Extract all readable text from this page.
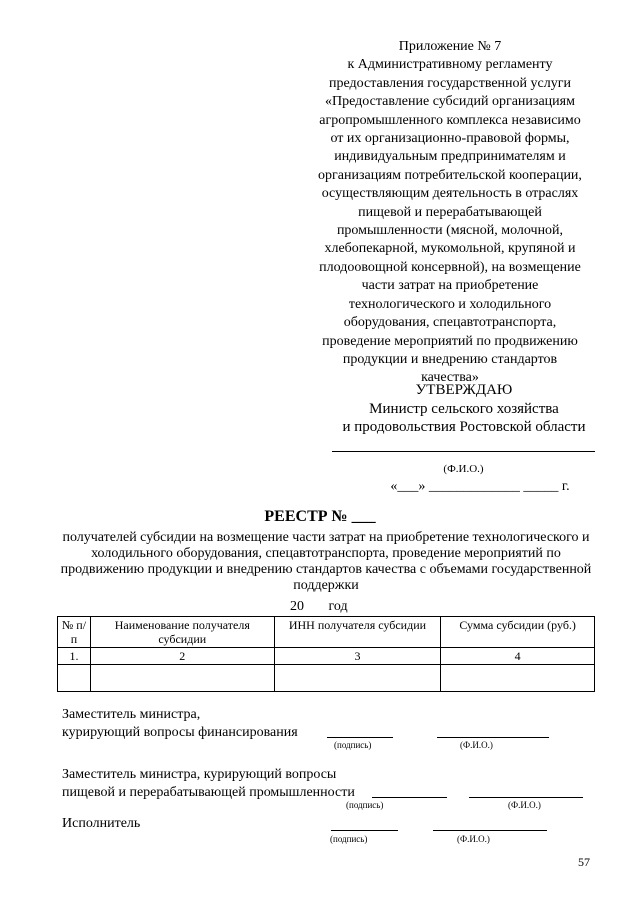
Приложение № 7
к Административному регламенту
предоставления государственной услуги
«Предоставление субсидий организациям
агропромышленного комплекса независимо
от их организационно-правовой формы,
индивидуальным предпринимателям и
организациям потребительской кооперации,
осуществляющим деятельность в отраслях
пищевой и перерабатывающей
промышленности (мясной, молочной,
хлебопекарной, мукомольной, крупяной и
плодоовощной консервной), на возмещение
части затрат на приобретение
технологического и холодильного
оборудования, спецавтотранспорта,
проведение мероприятий по продвижению
продукции и внедрению стандартов
качества»
УТВЕРЖДАЮ
Министр сельского хозяйства
и продовольствия Ростовской области
(Ф.И.О.)
«___» _____________ _____ г.
РЕЕСТР № ___
получателей субсидии на возмещение части затрат на приобретение технологического и холодильного оборудования, спецавтотранспорта, проведение мероприятий по продвижению продукции и внедрению стандартов качества с объемами государственной поддержки
20       год
№ п/п	Наименование получателя субсидии	ИНН получателя субсидии	Сумма субсидии (руб.)
1.	2	3	4

Заместитель министра,
курирующий вопросы финансирования
(подпись)	(Ф.И.О.)
Заместитель министра, курирующий вопросы
пищевой и перерабатывающей промышленности
(подпись)	(Ф.И.О.)
Исполнитель
(подпись)	(Ф.И.О.)
57
